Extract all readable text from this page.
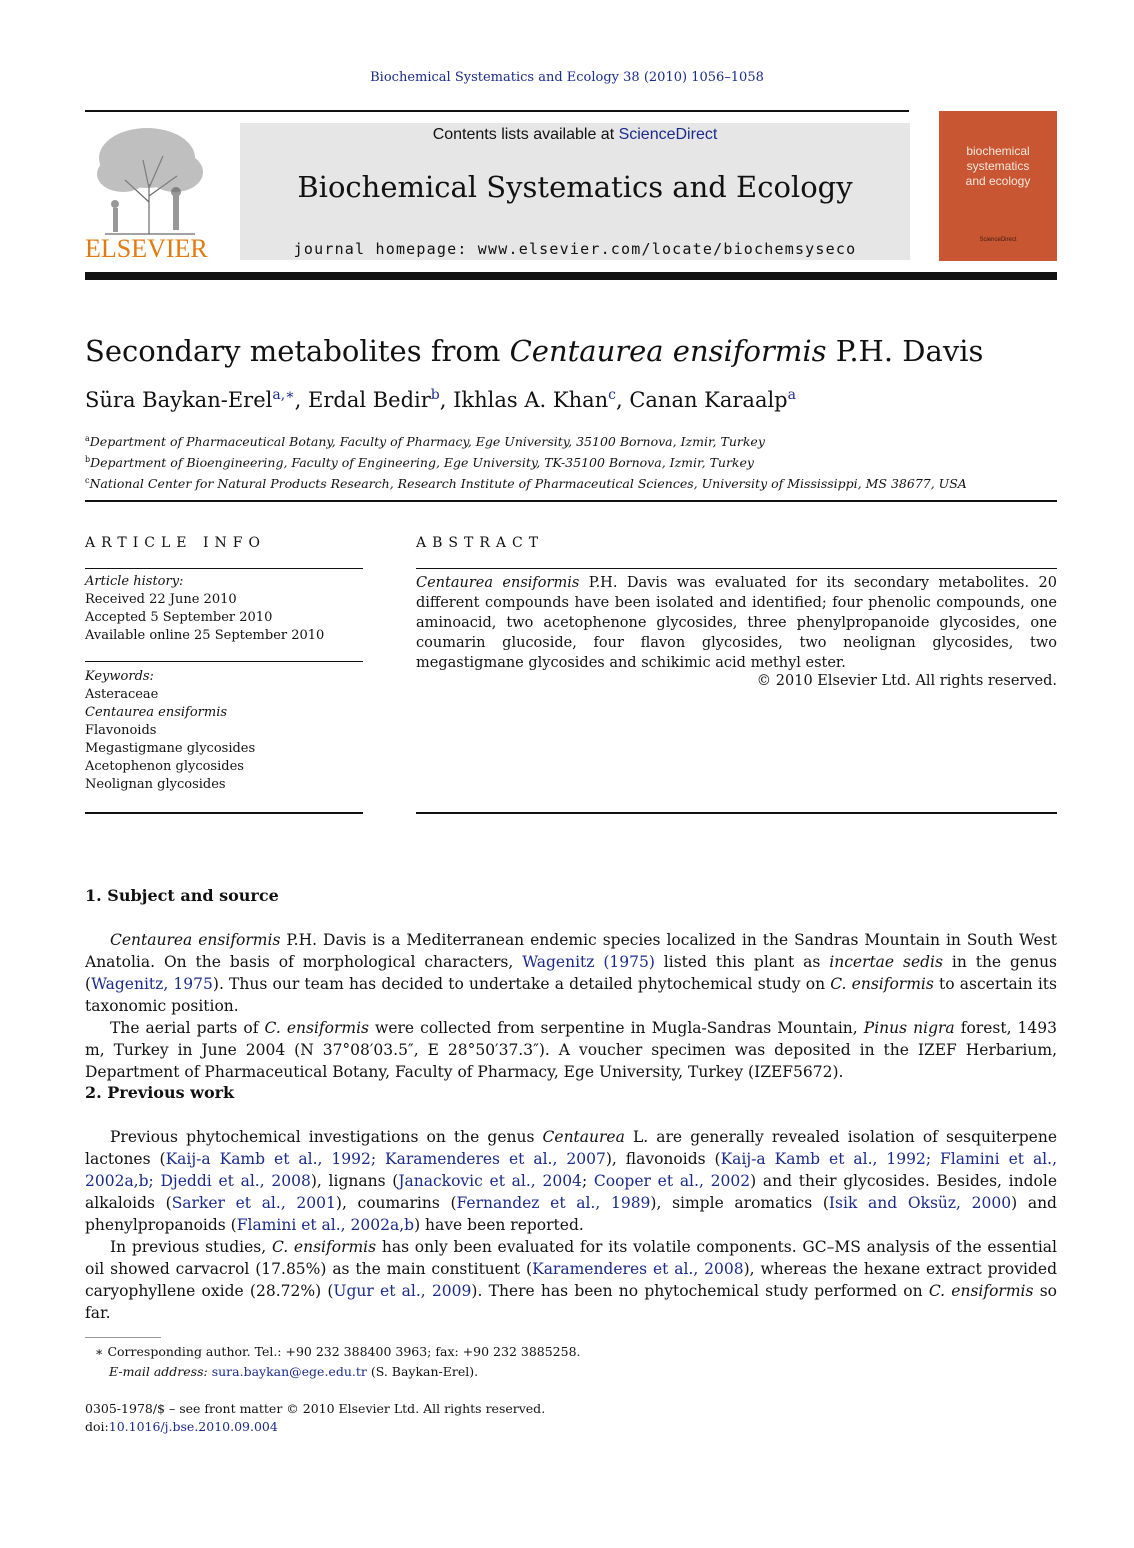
Biochemical Systematics and Ecology 38 (2010) 1056–1058
ELSEVIER
Contents lists available at ScienceDirect
Biochemical Systematics and Ecology
journal homepage: www.elsevier.com/locate/biochemsyseco
biochemical
systematics
and ecology
ScienceDirect
Secondary metabolites from Centaurea ensiformis P.H. Davis
Süra Baykan-Erel$^{a,∗}$, Erdal Bedir$^b$, Ikhlas A. Khan$^c$, Canan Karaalp$^a$
$^a$Department of Pharmaceutical Botany, Faculty of Pharmacy, Ege University, 35100 Bornova, Izmir, Turkey
$^b$Department of Bioengineering, Faculty of Engineering, Ege University, TK-35100 Bornova, Izmir, Turkey
$^c$National Center for Natural Products Research, Research Institute of Pharmaceutical Sciences, University of Mississippi, MS 38677, USA
ARTICLE INFO
Article history:
Received 22 June 2010
Accepted 5 September 2010
Available online 25 September 2010
Keywords:
Asteraceae
Centaurea ensiformis
Flavonoids
Megastigmane glycosides
Acetophenon glycosides
Neolignan glycosides
ABSTRACT
Centaurea ensiformis P.H. Davis was evaluated for its secondary metabolites. 20 different compounds have been isolated and identified; four phenolic compounds, one aminoacid, two acetophenone glycosides, three phenylpropanoide glycosides, one coumarin glucoside, four flavon glycosides, two neolignan glycosides, two megastigmane glycosides and schikimic acid methyl ester.
© 2010 Elsevier Ltd. All rights reserved.
1. Subject and source
Centaurea ensiformis P.H. Davis is a Mediterranean endemic species localized in the Sandras Mountain in South West Anatolia. On the basis of morphological characters, Wagenitz (1975) listed this plant as incertae sedis in the genus (Wagenitz, 1975). Thus our team has decided to undertake a detailed phytochemical study on C. ensiformis to ascertain its taxonomic position.
The aerial parts of C. ensiformis were collected from serpentine in Mugla-Sandras Mountain, Pinus nigra forest, 1493 m, Turkey in June 2004 (N 37°08′03.5″, E 28°50′37.3″). A voucher specimen was deposited in the IZEF Herbarium, Department of Pharmaceutical Botany, Faculty of Pharmacy, Ege University, Turkey (IZEF5672).
2. Previous work
Previous phytochemical investigations on the genus Centaurea L. are generally revealed isolation of sesquiterpene lactones (Kaij-a Kamb et al., 1992; Karamenderes et al., 2007), flavonoids (Kaij-a Kamb et al., 1992; Flamini et al., 2002a,b; Djeddi et al., 2008), lignans (Janackovic et al., 2004; Cooper et al., 2002) and their glycosides. Besides, indole alkaloids (Sarker et al., 2001), coumarins (Fernandez et al., 1989), simple aromatics (Isik and Oksüz, 2000) and phenylpropanoids (Flamini et al., 2002a,b) have been reported.
In previous studies, C. ensiformis has only been evaluated for its volatile components. GC–MS analysis of the essential oil showed carvacrol (17.85%) as the main constituent (Karamenderes et al., 2008), whereas the hexane extract provided caryophyllene oxide (28.72%) (Ugur et al., 2009). There has been no phytochemical study performed on C. ensiformis so far.
∗ Corresponding author. Tel.: +90 232 388400 3963; fax: +90 232 3885258.
E-mail address: sura.baykan@ege.edu.tr (S. Baykan-Erel).
0305-1978/$ – see front matter © 2010 Elsevier Ltd. All rights reserved.
doi:10.1016/j.bse.2010.09.004
